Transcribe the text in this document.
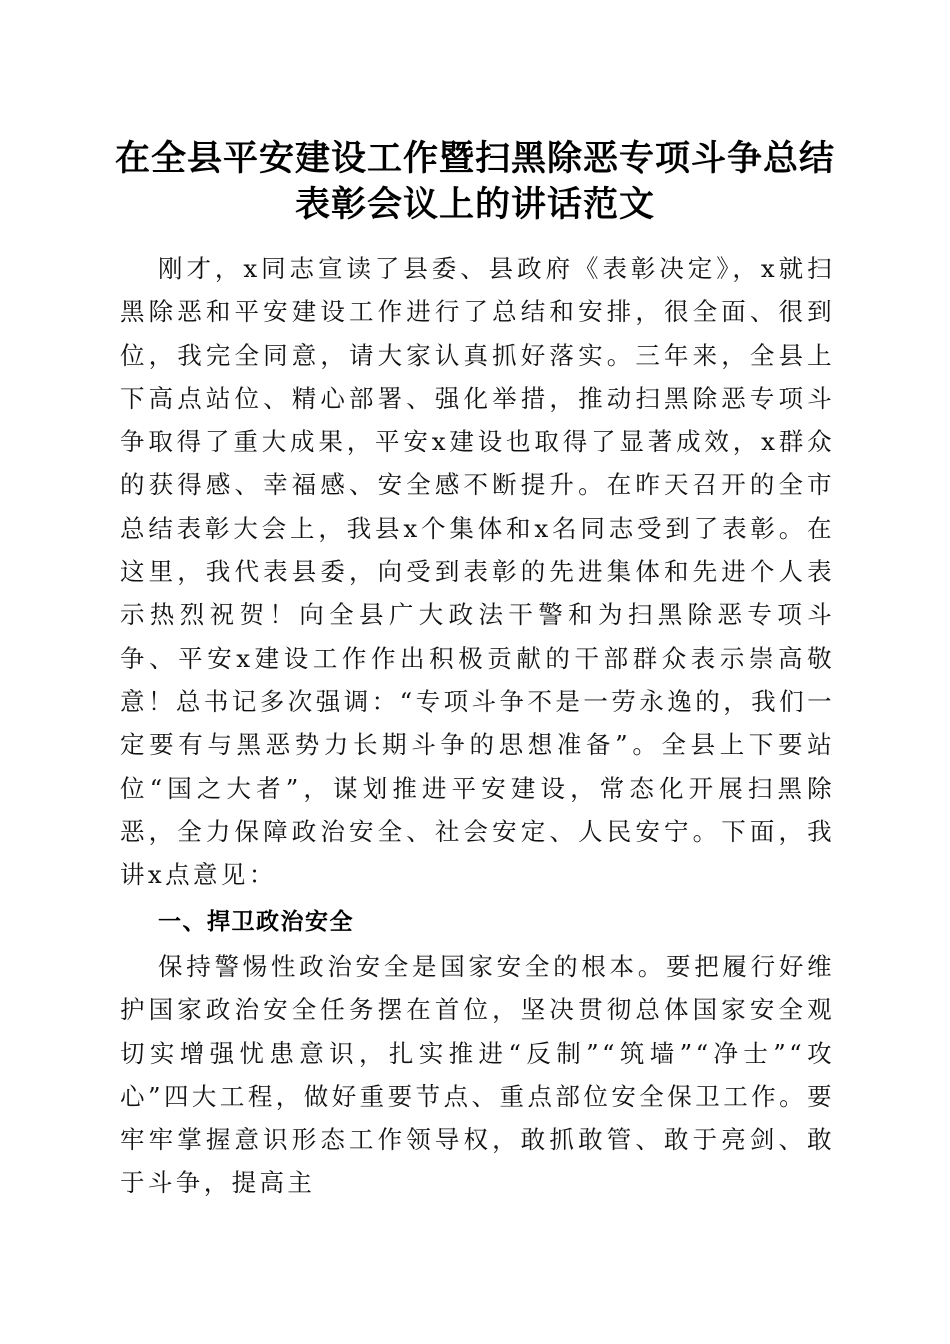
在全县平安建设工作暨扫黑除恶专项斗争总结
表彰会议上的讲话范文

刚才，x同志宣读了县委、县政府《表彰决定》，x就扫黑除恶和平安建设工作进行了总结和安排，很全面、很到位，我完全同意，请大家认真抓好落实。三年来，全县上下高点站位、精心部署、强化举措，推动扫黑除恶专项斗争取得了重大成果，平安x建设也取得了显著成效，x群众的获得感、幸福感、安全感不断提升。在昨天召开的全市总结表彰大会上，我县x个集体和x名同志受到了表彰。在这里，我代表县委，向受到表彰的先进集体和先进个人表示热烈祝贺！向全县广大政法干警和为扫黑除恶专项斗争、平安x建设工作作出积极贡献的干部群众表示崇高敬意！总书记多次强调：“专项斗争不是一劳永逸的，我们一定要有与黑恶势力长期斗争的思想准备”。全县上下要站位“国之大者”，谋划推进平安建设，常态化开展扫黑除恶，全力保障政治安全、社会安定、人民安宁。下面，我讲x点意见：

一、捍卫政治安全

保持警惕性政治安全是国家安全的根本。要把履行好维护国家政治安全任务摆在首位，坚决贯彻总体国家安全观切实增强忧患意识，扎实推进“反制”“筑墙”“净士”“攻心”四大工程，做好重要节点、重点部位安全保卫工作。要牢牢掌握意识形态工作领导权，敢抓敢管、敢于亮剑、敢于斗争，提高主
